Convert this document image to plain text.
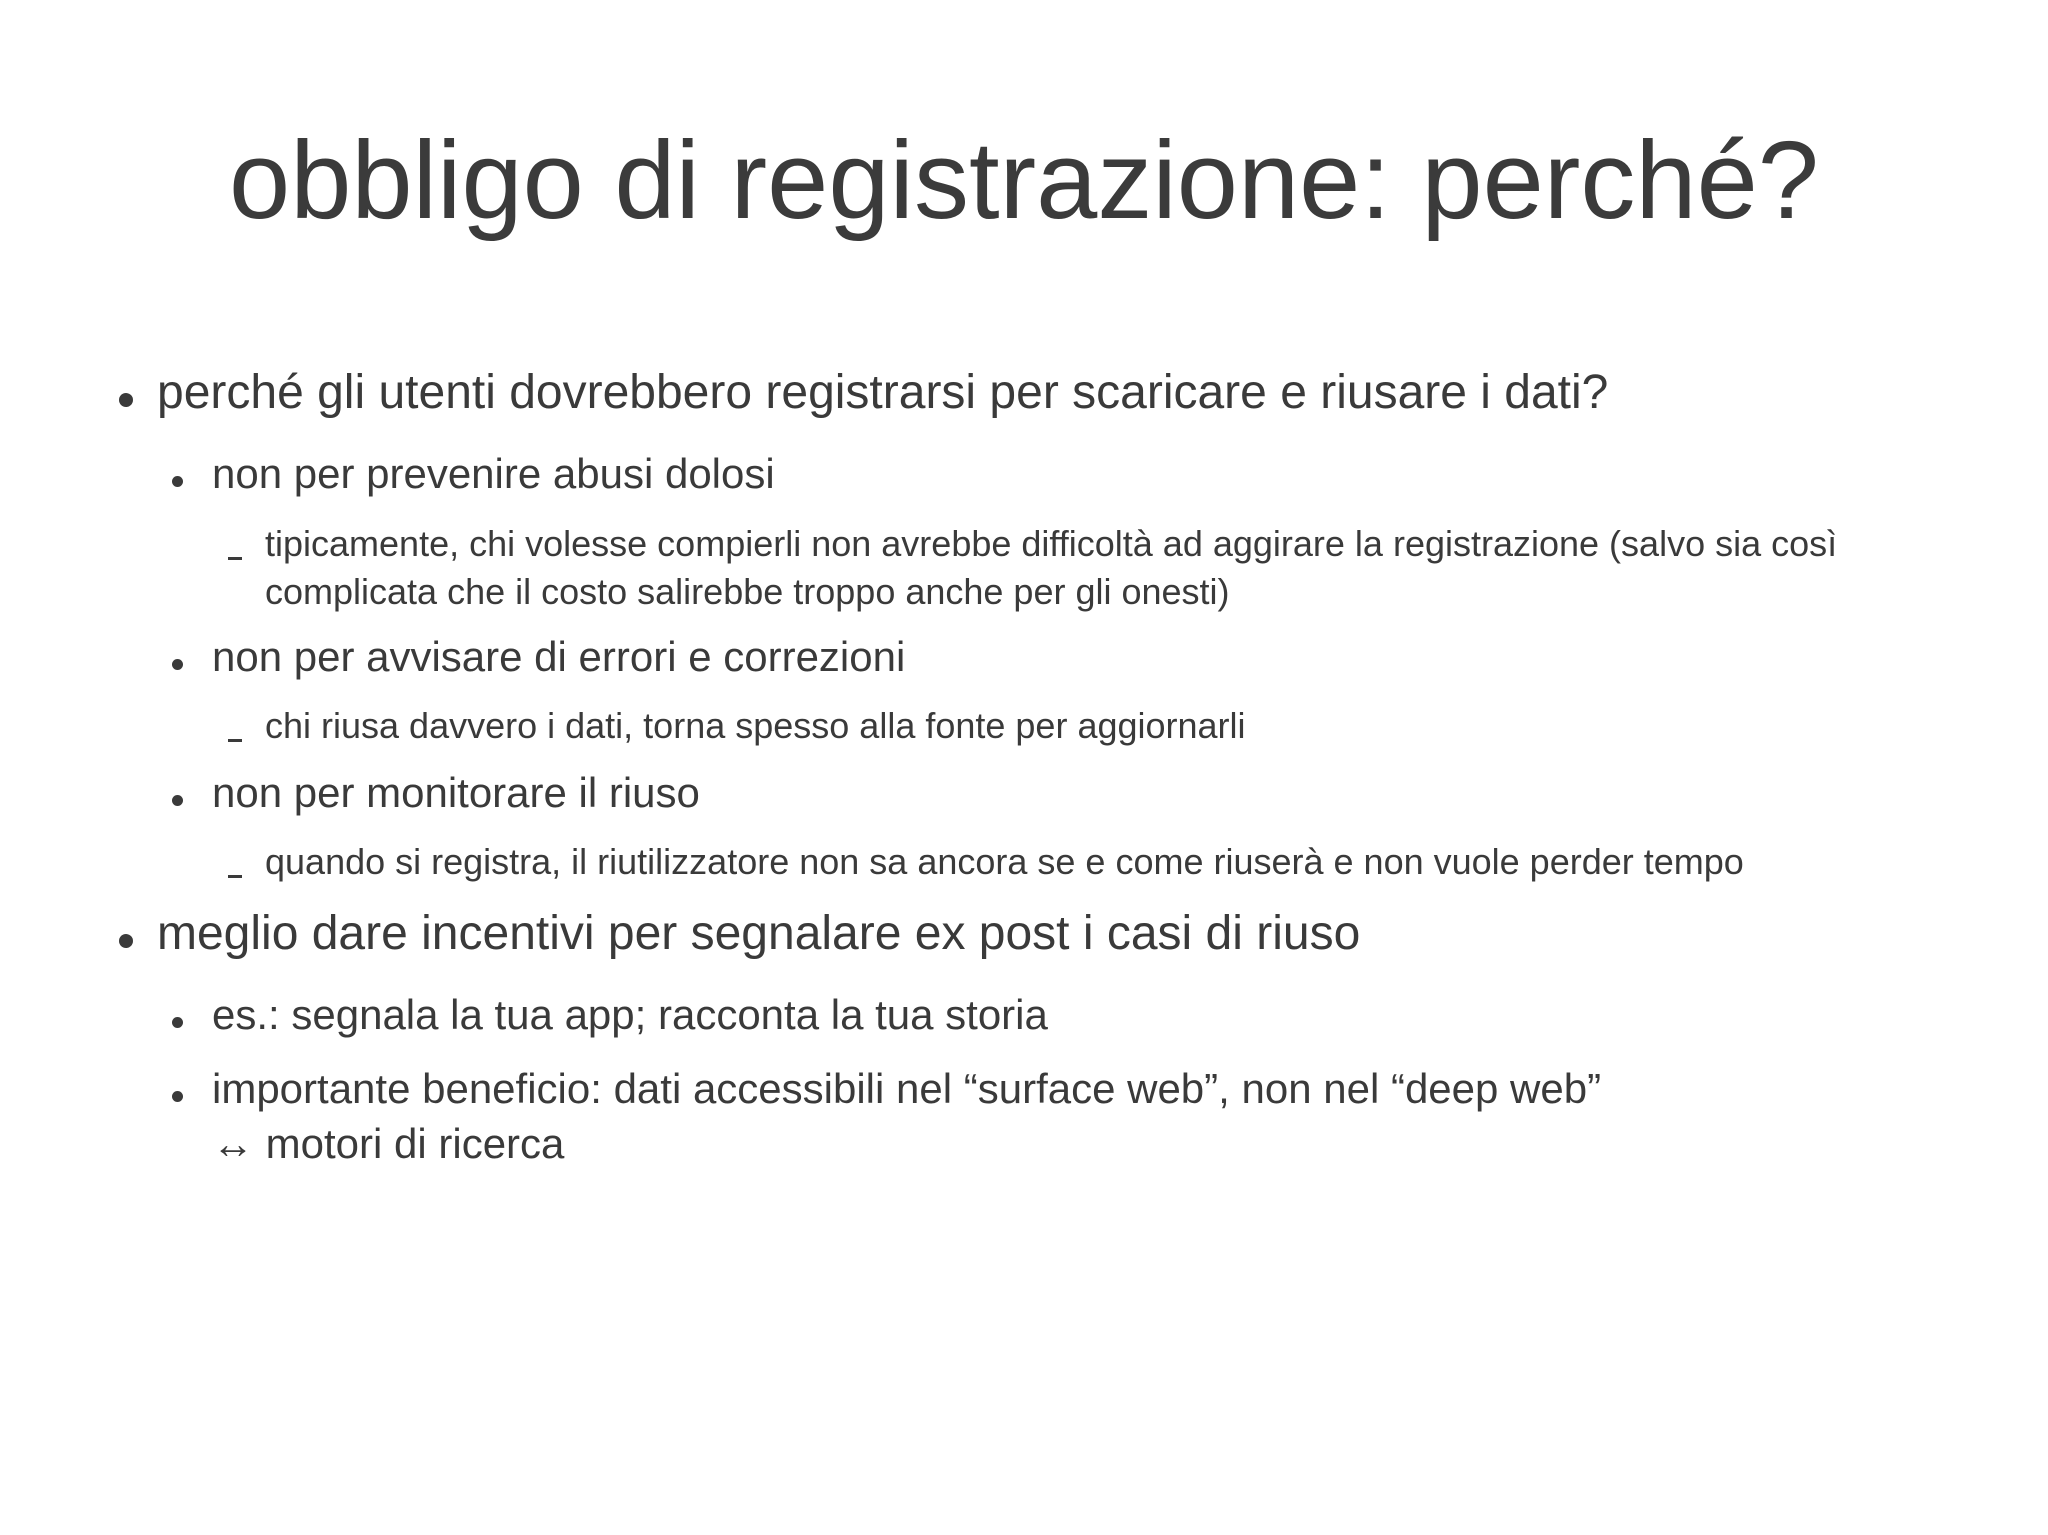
obbligo di registrazione: perché?
perché gli utenti dovrebbero registrarsi per scaricare e riusare i dati?
non per prevenire abusi dolosi
tipicamente, chi volesse compierli non avrebbe difficoltà ad aggirare la registrazione (salvo sia così
complicata che il costo salirebbe troppo anche per gli onesti)
non per avvisare di errori e correzioni
chi riusa davvero i dati, torna spesso alla fonte per aggiornarli
non per monitorare il riuso
quando si registra, il riutilizzatore non sa ancora se e come riuserà e non vuole perder tempo
meglio dare incentivi per segnalare ex post i casi di riuso
es.: segnala la tua app; racconta la tua storia
importante beneficio: dati accessibili nel “surface web”, non nel “deep web”
↔ motori di ricerca
